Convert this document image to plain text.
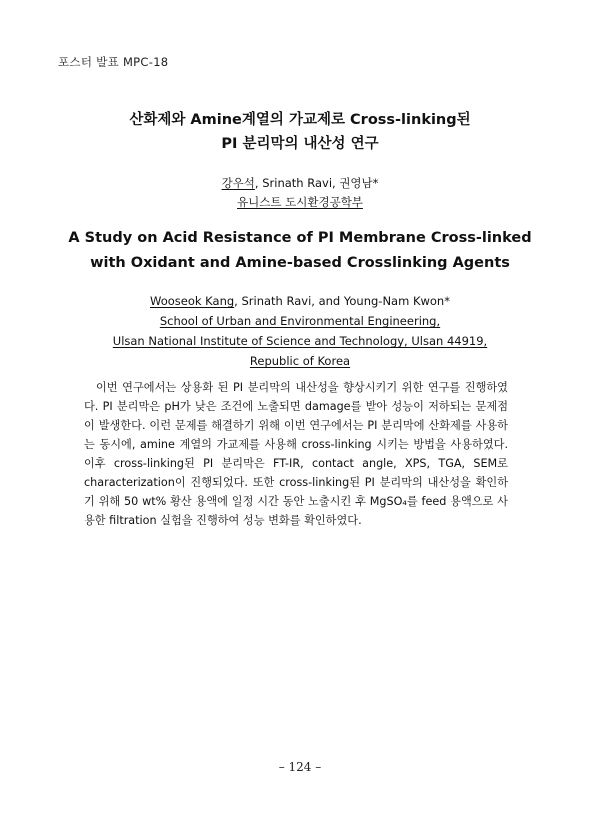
포스터 발표 MPC-18
산화제와 Amine계열의 가교제로 Cross-linking된
PI 분리막의 내산성 연구
강우석, Srinath Ravi, 권영남*
유니스트 도시환경공학부
A Study on Acid Resistance of PI Membrane Cross-linked
with Oxidant and Amine-based Crosslinking Agents
Wooseok Kang, Srinath Ravi, and Young-Nam Kwon*
School of Urban and Environmental Engineering,
Ulsan National Institute of Science and Technology, Ulsan 44919,
Republic of Korea

이번 연구에서는 상용화 된 PI 분리막의 내산성을 향상시키기 위한 연구를 진행하였다. PI 분리막은 pH가 낮은 조건에 노출되면 damage를 받아 성능이 저하되는 문제점이 발생한다. 이런 문제를 해결하기 위해 이번 연구에서는 PI 분리막에 산화제를 사용하는 동시에, amine 계열의 가교제를 사용해 cross-linking 시키는 방법을 사용하였다. 이후 cross-linking된 PI 분리막은 FT-IR, contact angle, XPS, TGA, SEM로 characterization이 진행되었다. 또한 cross-linking된 PI 분리막의 내산성을 확인하기 위해 50 wt% 황산 용액에 일정 시간 동안 노출시킨 후 MgSO₄를 feed 용액으로 사용한 filtration 실험을 진행하여 성능 변화를 확인하였다.

– 124 –
